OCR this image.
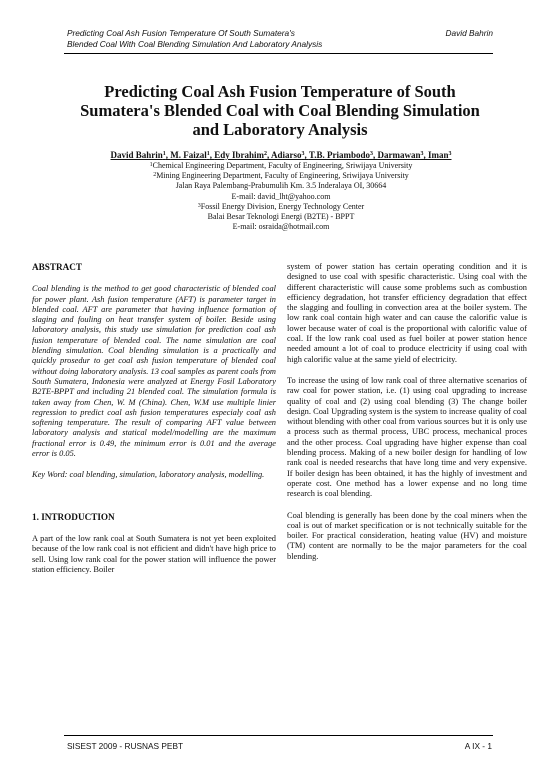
Predicting Coal Ash Fusion Temperature Of South Sumatera's	David Bahrin
Blended Coal With Coal Blending Simulation And Laboratory Analysis
Predicting Coal Ash Fusion Temperature of South
Sumatera's Blended Coal with Coal Blending Simulation
and Laboratory Analysis
David Bahrin$^1$, M. Faizal$^1$, Edy Ibrahim$^2$, Adiarso$^3$, T.B. Priambodo$^3$, Darmawan$^3$, Iman$^3$
$^1$Chemical Engineering Department, Faculty of Engineering, Sriwijaya University
$^2$Mining Engineering Department, Faculty of Engineering, Sriwijaya University
Jalan Raya Palembang-Prabumulih Km. 3.5 Inderalaya OI, 30664
E-mail: david_lht@yahoo.com
$^3$Fossil Energy Division, Energy Technology Center
Balai Besar Teknologi Energi (B2TE) - BPPT
E-mail: osraida@hotmail.com
ABSTRACT

Coal blending is the method to get good characteristic of blended coal for power plant. Ash fusion temperature (AFT) is parameter target in blended coal. AFT are parameter that having influence formation of slaging and fouling on heat transfer system of boiler. Beside using laboratory analysis, this study use simulation for prediction coal ash fusion temperature of blended coal. The name simulation are coal blending simulation. Coal blending simulation is a practically and quickly prosedur to get coal ash fusion temperature of blended coal without doing laboratory analysis. 13 coal samples as parent coals from South Sumatera, Indonesia were analyzed at Energy Fosil Laboratory B2TE-BPPT and including 21 blended coal. The simulation formula is taken away from Chen, W. M (China). Chen, W.M use multiple linier regression to predict coal ash fusion temperatures especialy coal ash softening temperature. The result of comparing AFT value between laboratory analysis and statical model/modelling are the maximum fractional error is 0.49, the minimum error is 0.01 and the average error is 0.05.

Key Word: coal blending, simulation, laboratory analysis, modelling.

1. INTRODUCTION

A part of the low rank coal at South Sumatera is not yet been exploited because of the low rank coal is not efficient and didn't have high price to sell. Using low rank coal for the power station will influence the power station efficiency. Boiler

system of power station has certain operating condition and it is designed to use coal with spesific characteristic. Using coal with the different characteristic will cause some problems such as combustion efficiency degradation, hot transfer efficiency degradation that effect the slagging and foulling in convection area at the boiler system. The low rank coal contain high water and can cause the calorific value is lower because water of coal is the proportional with calorific value of coal. If the low rank coal used as fuel boiler at power station hence needed amount a lot of coal to produce electricity if using coal with high calorific value at the same yield of electricity.

To increase the using of low rank coal of three alternative scenarios of raw coal for power station, i.e. (1) using coal upgrading to increase quality of coal and (2) using coal blending (3) The change boiler design. Coal Upgrading system is the system to increase quality of coal without blending with other coal from various sources but it is only use a process such as thermal process, UBC process, mechanical proces and the other process. Coal upgrading have higher expense than coal blending process. Making of a new boiler design for handling of low rank coal is needed researchs that have long time and very expensive. If boiler design has been obtained, it has the highly of investment and operate cost. One method has a lower expense and no long time research is coal blending.

Coal blending is generally has been done by the coal miners when the coal is out of market specification or is not technically suitable for the boiler. For practical consideration, heating value (HV) and moisture (TM) content are normally to be the major parameters for the coal blending.

SISEST 2009 - RUSNAS PEBT	A IX - 1
